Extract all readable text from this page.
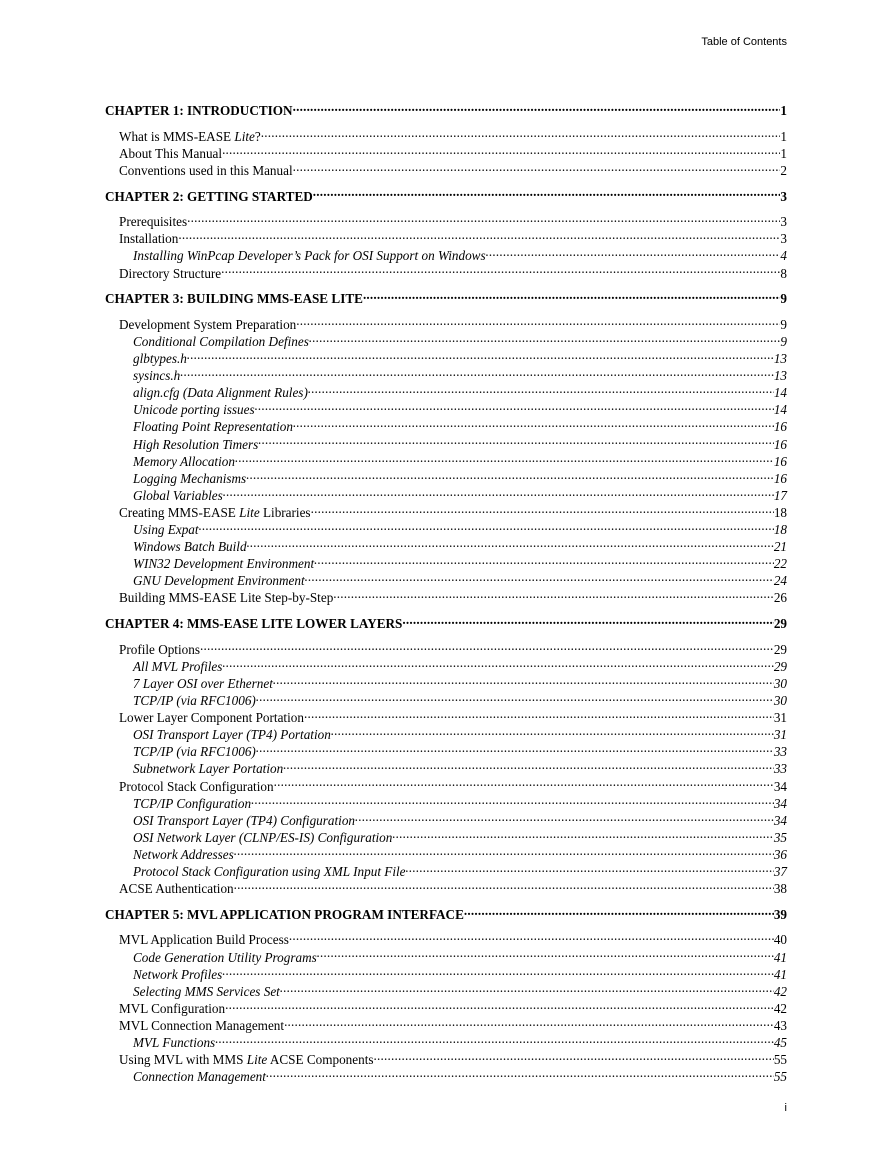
Table of Contents
CHAPTER 1: INTRODUCTION .....	1
What is MMS-EASE Lite? .....	1
About This Manual .....	1
Conventions used in this Manual .....	2
CHAPTER 2: GETTING STARTED .....	3
Prerequisites .....	3
Installation .....	3
Installing WinPcap Developer’s Pack for OSI Support on Windows .....	4
Directory Structure .....	8
CHAPTER 3: BUILDING MMS-EASE LITE .....	9
Development System Preparation .....	9
Conditional Compilation Defines .....	9
glbtypes.h .....	13
sysincs.h .....	13
align.cfg (Data Alignment Rules) .....	14
Unicode porting issues .....	14
Floating Point Representation .....	16
High Resolution Timers .....	16
Memory Allocation .....	16
Logging Mechanisms .....	16
Global Variables .....	17
Creating MMS-EASE Lite Libraries .....	18
Using Expat .....	18
Windows Batch Build .....	21
WIN32 Development Environment .....	22
GNU Development Environment .....	24
Building MMS-EASE Lite Step-by-Step .....	26
CHAPTER 4: MMS-EASE LITE LOWER LAYERS .....	29
Profile Options .....	29
All MVL Profiles .....	29
7 Layer OSI over Ethernet .....	30
TCP/IP (via RFC1006) .....	30
Lower Layer Component Portation .....	31
OSI Transport Layer (TP4) Portation .....	31
TCP/IP (via RFC1006) .....	33
Subnetwork Layer Portation .....	33
Protocol Stack Configuration .....	34
TCP/IP Configuration .....	34
OSI Transport Layer (TP4) Configuration .....	34
OSI Network Layer (CLNP/ES-IS) Configuration .....	35
Network Addresses .....	36
Protocol Stack Configuration using XML Input File .....	37
ACSE Authentication .....	38
CHAPTER 5: MVL APPLICATION PROGRAM INTERFACE .....	39
MVL Application Build Process .....	40
Code Generation Utility Programs .....	41
Network Profiles .....	41
Selecting MMS Services Set .....	42
MVL Configuration .....	42
MVL Connection Management .....	43
MVL Functions .....	45
Using MVL with MMS Lite ACSE Components .....	55
Connection Management .....	55
i
